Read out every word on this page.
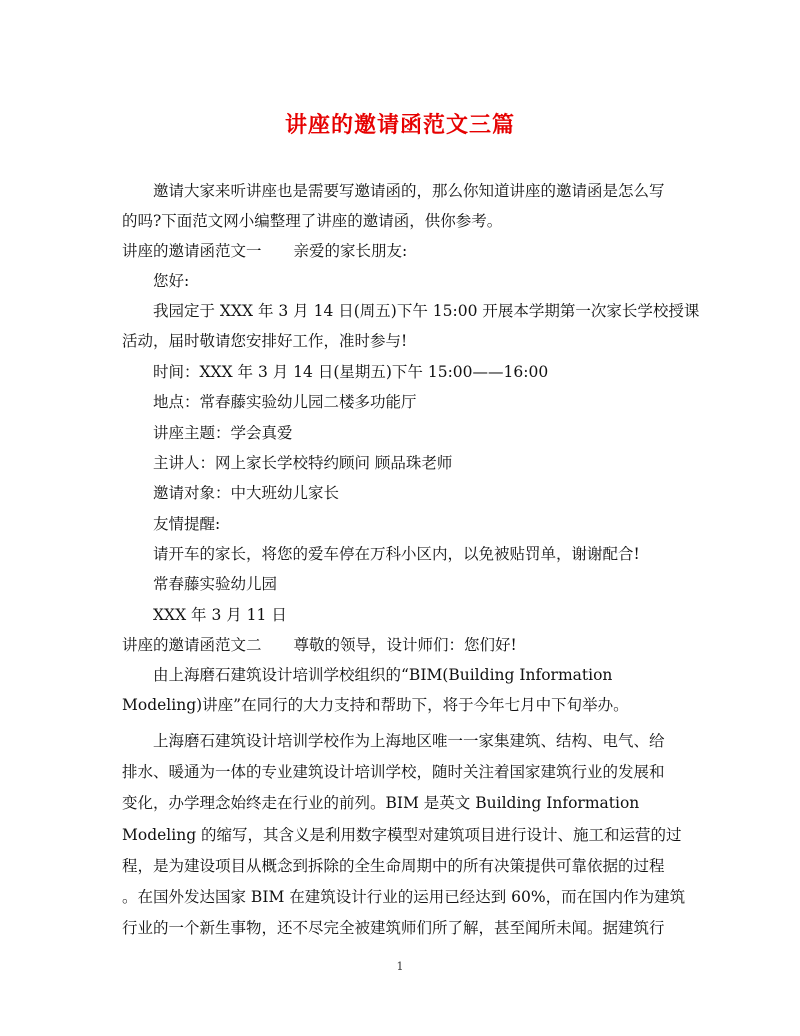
讲座的邀请函范文三篇
邀请大家来听讲座也是需要写邀请函的，那么你知道讲座的邀请函是怎么写
的吗?下面范文网小编整理了讲座的邀请函，供你参考。
讲座的邀请函范文一 亲爱的家长朋友:
您好:
我园定于 XXX 年 3 月 14 日(周五)下午 15:00 开展本学期第一次家长学校授课
活动，届时敬请您安排好工作，准时参与!
时间：XXX 年 3 月 14 日(星期五)下午 15:00——16:00
地点：常春藤实验幼儿园二楼多功能厅
讲座主题：学会真爱
主讲人：网上家长学校特约顾问 顾品珠老师
邀请对象：中大班幼儿家长
友情提醒:
请开车的家长，将您的爱车停在万科小区内，以免被贴罚单，谢谢配合!
常春藤实验幼儿园
XXX 年 3 月 11 日
讲座的邀请函范文二 尊敬的领导，设计师们：您们好!
由上海磨石建筑设计培训学校组织的“BIM(Building Information
Modeling)讲座”在同行的大力支持和帮助下，将于今年七月中下旬举办。
上海磨石建筑设计培训学校作为上海地区唯一一家集建筑、结构、电气、给
排水、暖通为一体的专业建筑设计培训学校，随时关注着国家建筑行业的发展和
变化，办学理念始终走在行业的前列。BIM 是英文 Building Information
Modeling 的缩写，其含义是利用数字模型对建筑项目进行设计、施工和运营的过
程，是为建设项目从概念到拆除的全生命周期中的所有决策提供可靠依据的过程
。在国外发达国家 BIM 在建筑设计行业的运用已经达到 60%，而在国内作为建筑
行业的一个新生事物，还不尽完全被建筑师们所了解，甚至闻所未闻。据建筑行
1
